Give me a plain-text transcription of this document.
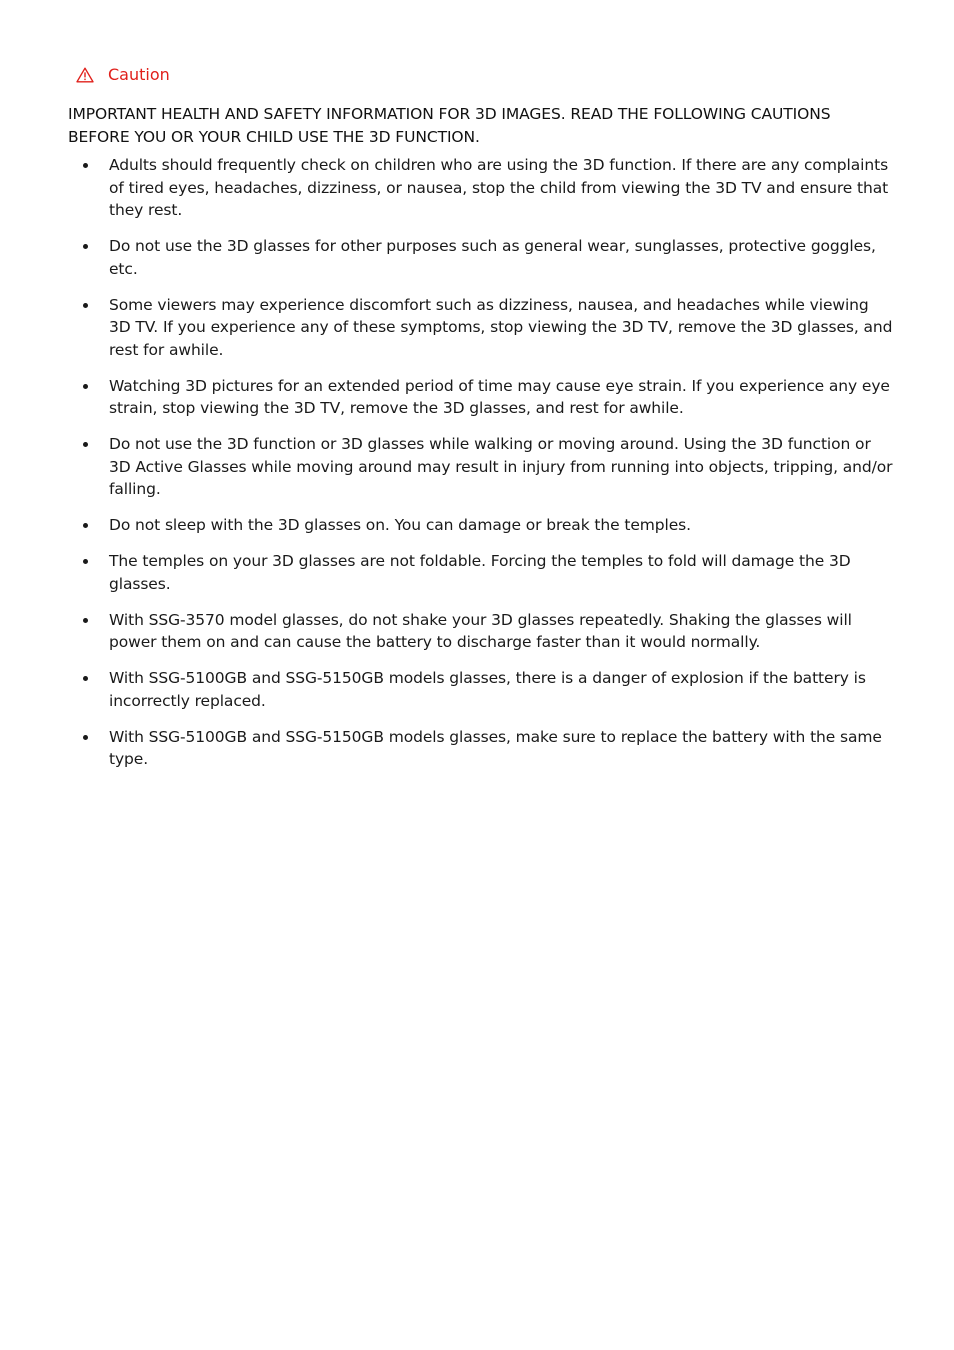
Caution
IMPORTANT HEALTH AND SAFETY INFORMATION FOR 3D IMAGES. READ THE FOLLOWING CAUTIONS BEFORE YOU OR YOUR CHILD USE THE 3D FUNCTION.
Adults should frequently check on children who are using the 3D function. If there are any complaints of tired eyes, headaches, dizziness, or nausea, stop the child from viewing the 3D TV and ensure that they rest.
Do not use the 3D glasses for other purposes such as general wear, sunglasses, protective goggles, etc.
Some viewers may experience discomfort such as dizziness, nausea, and headaches while viewing 3D TV. If you experience any of these symptoms, stop viewing the 3D TV, remove the 3D glasses, and rest for awhile.
Watching 3D pictures for an extended period of time may cause eye strain. If you experience any eye strain, stop viewing the 3D TV, remove the 3D glasses, and rest for awhile.
Do not use the 3D function or 3D glasses while walking or moving around. Using the 3D function or 3D Active Glasses while moving around may result in injury from running into objects, tripping, and/or falling.
Do not sleep with the 3D glasses on. You can damage or break the temples.
The temples on your 3D glasses are not foldable. Forcing the temples to fold will damage the 3D glasses.
With SSG-3570 model glasses, do not shake your 3D glasses repeatedly. Shaking the glasses will power them on and can cause the battery to discharge faster than it would normally.
With SSG-5100GB and SSG-5150GB models glasses, there is a danger of explosion if the battery is incorrectly replaced.
With SSG-5100GB and SSG-5150GB models glasses, make sure to replace the battery with the same type.
